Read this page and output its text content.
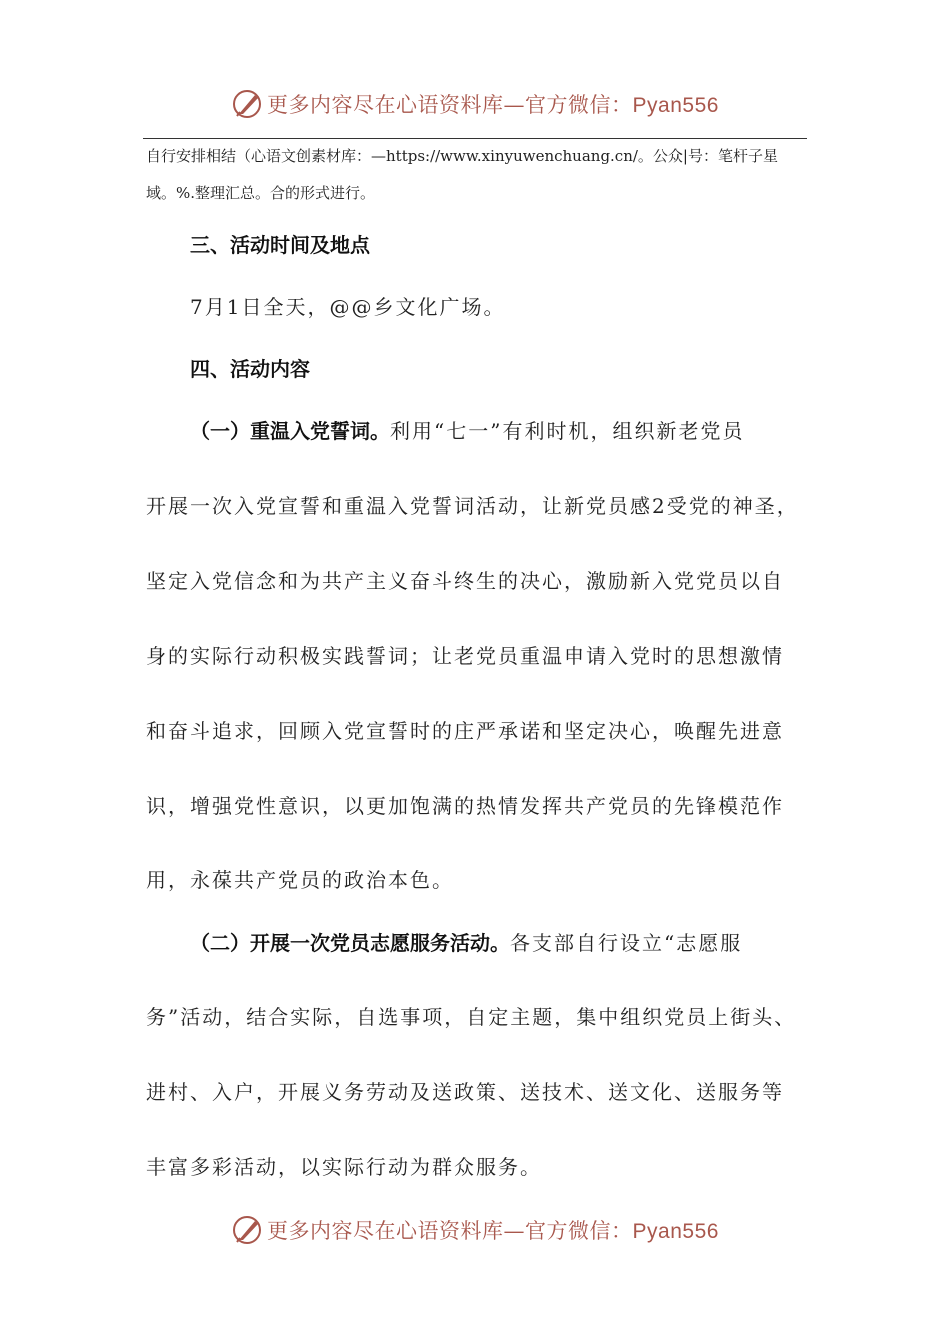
更多内容尽在心语资料库—官方微信：Pyan556
自行安排相结（心语文创素材库：—https://www.xinyuwenchuang.cn/。公众|号：笔杆子星
域。%.整理汇总。合的形式进行。
三、活动时间及地点
7月1日全天，@@乡文化广场。
四、活动内容
（一）重温入党誓词。利用“七一”有利时机，组织新老党员
开展一次入党宣誓和重温入党誓词活动，让新党员感2受党的神圣，
坚定入党信念和为共产主义奋斗终生的决心，激励新入党党员以自
身的实际行动积极实践誓词；让老党员重温申请入党时的思想激情
和奋斗追求，回顾入党宣誓时的庄严承诺和坚定决心，唤醒先进意
识，增强党性意识，以更加饱满的热情发挥共产党员的先锋模范作
用，永葆共产党员的政治本色。
（二）开展一次党员志愿服务活动。各支部自行设立“志愿服
务”活动，结合实际，自选事项，自定主题，集中组织党员上街头、
进村、入户，开展义务劳动及送政策、送技术、送文化、送服务等
丰富多彩活动，以实际行动为群众服务。
更多内容尽在心语资料库—官方微信：Pyan556
